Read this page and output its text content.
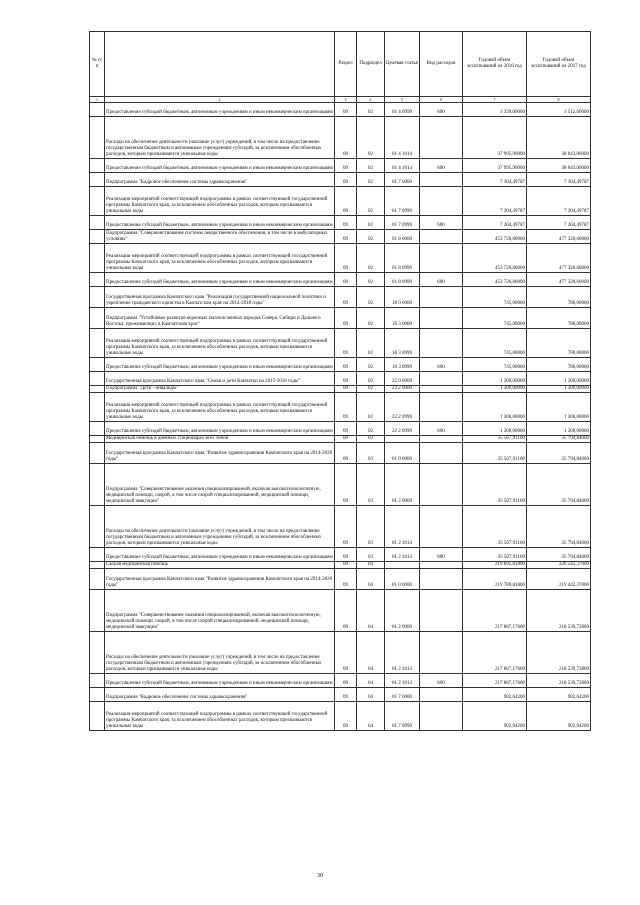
№ п/п		Раздел	Подраздел	Целевая статья	Вид расходов	Годовой объем ассигнований на 2016 год	Годовой объем ассигнований на 2017 год
1	2	3	4	5	6	7	8
	Предоставление субсидий бюджетным, автономным учреждениям и иным некоммерческим организациям	09	02	01 4 0999	600	3 339,00000	3 512,60000
	Расходы на обеспечение деятельности (оказание услуг) учреждений, в том числе на предоставление государственным бюджетным и автономным учреждениям субсидий, за исключением обособленных расходов, которым присваиваются уникальные коды	09	02	01 4 1014		37 995,90000	38 043,06000
	Предоставление субсидий бюджетным, автономным учреждениям и иным некоммерческим организациям	09	02	01 4 1014	600	37 995,90000	38 043,06000
	Подпрограмма "Кадровое обеспечение системы здравоохранения"	09	02	01 7 0000		7 304,49787	7 304,49787
	Реализация мероприятий соответствующей подпрограммы в рамках соответствующей государственной программы Камчатского края, за исключением обособленных расходов, которым присваиваются уникальные коды	09	02	01 7 0999		7 304,49787	7 304,49787
	Предоставление субсидий бюджетным, автономным учреждениям и иным некоммерческим организациям	09	02	01 7 0999	600	7 304,49787	7 304,49787
	Подпрограмма "Совершенствование системы лекарственного обеспечения, в том числе в амбулаторных условиях"	09	02	01 8 0000		453 726,80000	477 320,60000
	Реализация мероприятий соответствующей подпрограммы в рамках соответствующей государственной программы Камчатского края, за исключением обособленных расходов, которым присваиваются уникальные коды	09	02	01 8 0999		453 726,80000	477 320,60000
	Предоставление субсидий бюджетным, автономным учреждениям и иным некоммерческим организациям	09	02	01 8 0999	600	453 726,80000	477 320,60000
	Государственная программа Камчатского края "Реализация государственной национальной политики и укрепление гражданского единства в Камчатском крае на 2014-2018 годы"	09	02	18 0 0000		745,00000	780,00000
	Подпрограмма "Устойчивое развитие коренных малочисленных народов Севера, Сибири и Дальнего Востока, проживающих в Камчатском крае"	09	02	18 3 0000		745,00000	780,00000
	Реализация мероприятий соответствующей подпрограммы в рамках соответствующей государственной программы Камчатского края, за исключением обособленных расходов, которым присваиваются уникальные коды	09	02	18 3 0999		745,00000	780,00000
	Предоставление субсидий бюджетным, автономным учреждениям и иным некоммерческим организациям	09	02	18 3 0999	600	745,00000	780,00000
	Государственная программа Камчатского края "Семья и дети Камчатки на 2015-2018 годы"	09	02	22 0 0000		1 300,00000	1 300,00000
	Подпрограмма "Дети - инвалиды"	09	02	22 2 0000		1 300,00000	1 300,00000
	Реализация мероприятий соответствующей подпрограммы в рамках соответствующей государственной программы Камчатского края, за исключением обособленных расходов, которым присваиваются уникальные коды	09	02	22 2 0999		1 300,00000	1 300,00000
	Предоставление субсидий бюджетным, автономным учреждениям и иным некоммерческим организациям	09	02	22 2 0999	600	1 300,00000	1 300,00000
	Медицинская помощь в дневных стационарах всех типов	09	03			35 567,91100	35 794,84000
	Государственная программа Камчатского края "Развитие здравоохранения Камчатского края на 2014-2020 годы"	09	03	01 0 0000		35 567,91100	35 794,84000
	Подпрограмма "Совершенствование оказания специализированной, включая высокотехнологичную, медицинской помощи, скорой, в том числе скорой специализированной, медицинской помощи, медицинской эвакуации"	09	03	01 2 0000		35 567,91100	35 794,84000
	Расходы на обеспечение деятельности (оказание услуг) учреждений, в том числе на предоставление государственным бюджетным и автономным учреждениям субсидий, за исключением обособленных расходов, которым присваиваются уникальные коды	09	03	01 2 1014		35 567,91100	35 794,84000
	Предоставление субсидий бюджетным, автономным учреждениям и иным некоммерческим организациям	09	03	01 2 1014	600	35 567,91100	35 794,84000
	Скорая медицинская помощь	09	04			219 895,81800	220 542,37000
	Государственная программа Камчатского края "Развитие здравоохранения Камчатского края на 2014-2020 годы"	09	04	01 0 0000		219 789,81800	219 442,37000
	Подпрограмма "Совершенствование оказания специализированной, включая высокотехнологичную, медицинской помощи, скорой, в том числе скорой специализированной, медицинской помощи, медицинской эвакуации"	09	04	01 2 0000		217 887,17600	218 539,72800
	Расходы на обеспечение деятельности (оказание услуг) учреждений, в том числе на предоставление государственным бюджетным и автономным учреждениям субсидий, за исключением обособленных расходов, которым присваиваются уникальные коды	09	04	01 2 1014		217 887,17600	218 539,72800
	Предоставление субсидий бюджетным, автономным учреждениям и иным некоммерческим организациям	09	04	01 2 1014	600	217 887,17600	218 539,72800
	Подпрограмма "Кадровое обеспечение системы здравоохранения"	09	04	01 7 0000		902,64200	902,64200
	Реализация мероприятий соответствующей подпрограммы в рамках соответствующей государственной программы Камчатского края, за исключением обособленных расходов, которым присваиваются уникальные коды	09	04	01 7 0999		902,64200	902,64200
30
